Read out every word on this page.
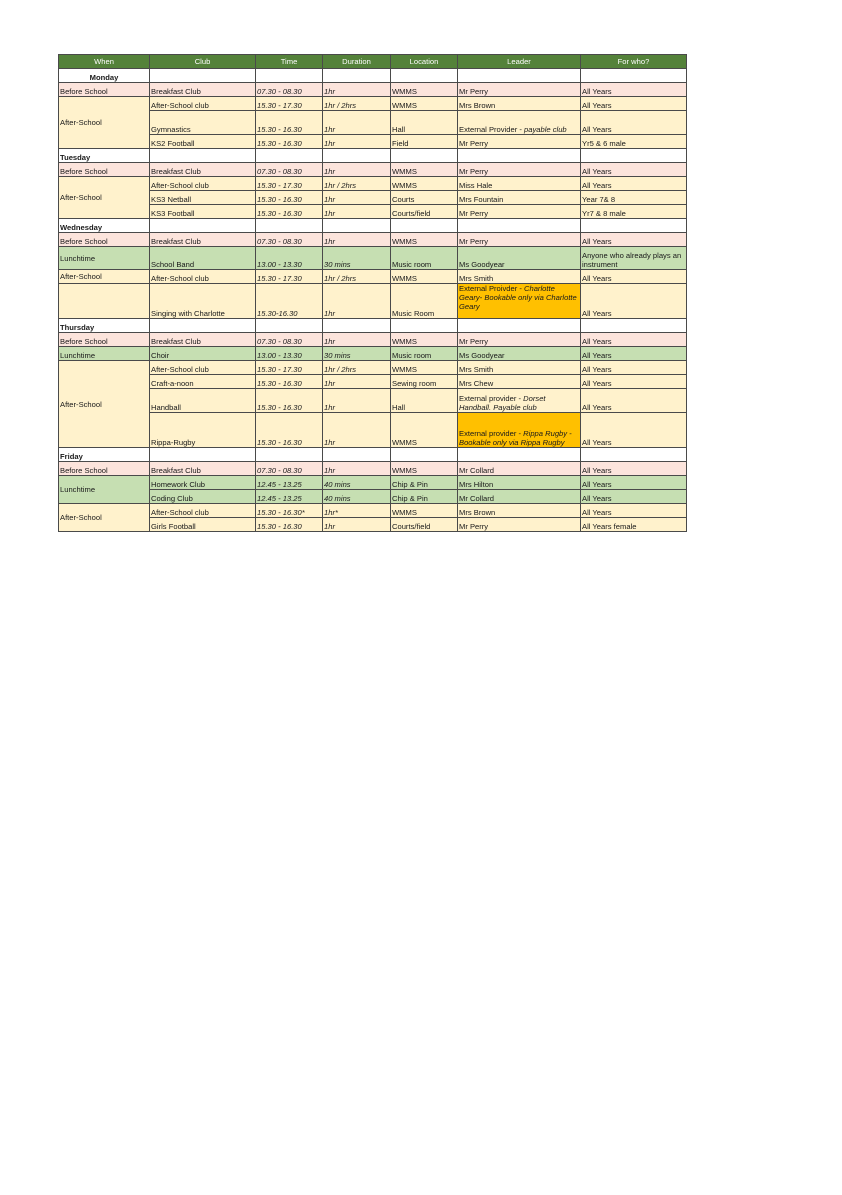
When	Club	Time	Duration	Location	Leader	For who?
Monday						
Before School	Breakfast Club	07.30 - 08.30	1hr	WMMS	Mr Perry	All Years
After-School	After-School club	15.30 - 17.30	1hr / 2hrs	WMMS	Mrs Brown	All Years
	Gymnastics	15.30 - 16.30	1hr	Hall	External Provider - payable club	All Years
	KS2 Football	15.30 - 16.30	1hr	Field	Mr Perry	Yr5 & 6 male
Tuesday						
Before School	Breakfast Club	07.30 - 08.30	1hr	WMMS	Mr Perry	All Years
After-School	After-School club	15.30 - 17.30	1hr / 2hrs	WMMS	Miss Hale	All Years
	KS3 Netball	15.30 - 16.30	1hr	Courts	Mrs Fountain	Year 7& 8
	KS3 Football	15.30 - 16.30	1hr	Courts/field	Mr Perry	Yr7 & 8 male
Wednesday						
Before School	Breakfast Club	07.30 - 08.30	1hr	WMMS	Mr Perry	All Years
Lunchtime	School Band	13.00 - 13.30	30 mins	Music room	Ms Goodyear	Anyone who already plays an instrument
After-School	After-School club	15.30 - 17.30	1hr / 2hrs	WMMS	Mrs Smith	All Years
	Singing with Charlotte	15.30-16.30	1hr	Music Room	External Proivder - Charlotte Geary- Bookable only via Charlotte Geary	All Years
Thursday						
Before School	Breakfast Club	07.30 - 08.30	1hr	WMMS	Mr Perry	All Years
Lunchtime	Choir	13.00 - 13.30	30 mins	Music room	Ms Goodyear	All Years
After-School	After-School club	15.30 - 17.30	1hr / 2hrs	WMMS	Mrs Smith	All Years
	Craft-a-noon	15.30 - 16.30	1hr	Sewing room	Mrs Chew	All Years
	Handball	15.30 - 16.30	1hr	Hall	External provider - Dorset Handball. Payable club	All Years
	Rippa-Rugby	15.30 - 16.30	1hr	WMMS	External provider - Rippa Rugby - Bookable only via Rippa Rugby	All Years
Friday						
Before School	Breakfast Club	07.30 - 08.30	1hr	WMMS	Mr Collard	All Years
Lunchtime	Homework Club	12.45 - 13.25	40 mins	Chip & Pin	Mrs Hilton	All Years
	Coding Club	12.45 - 13.25	40 mins	Chip & Pin	Mr Collard	All Years
After-School	After-School club	15.30 - 16.30*	1hr*	WMMS	Mrs Brown	All Years
	Girls Football	15.30 - 16.30	1hr	Courts/field	Mr Perry	All Years female
